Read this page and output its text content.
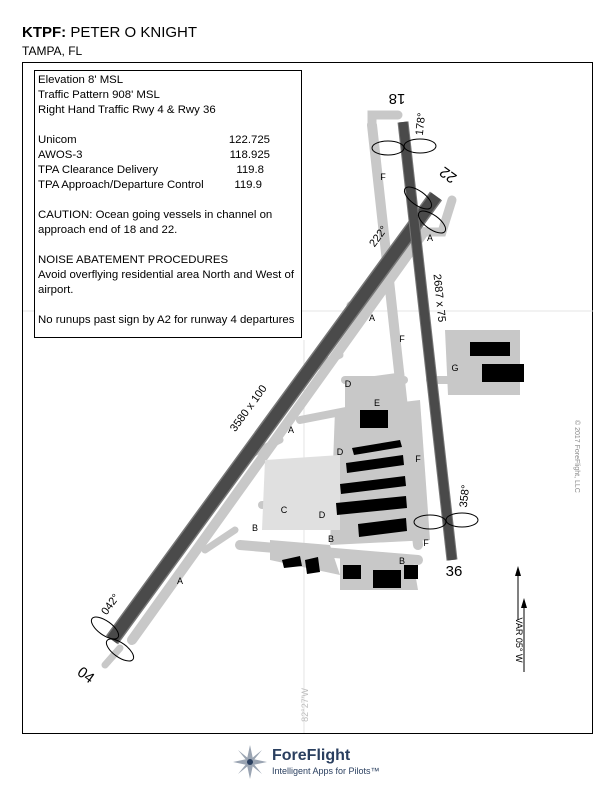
KTPF: PETER O KNIGHT
TAMPA, FL
18
22
36
04
178°
222°
358°
042°
3580 x 100
2687 x 75
A
A
A
A
B
B
B
C
D
D
D
E
F
F
F
F
G
VAR 05° W
82°27'W

Elevation 8' MSL

Traffic Pattern 908' MSL

Right Hand Traffic Rwy 4 & Rwy 36

Unicom	122.725
AWOS-3	118.925
TPA Clearance Delivery	119.8
TPA Approach/Departure Control	119.9

CAUTION: Ocean going vessels in channel on approach end of 18 and 22.

NOISE ABATEMENT PROCEDURES

Avoid overflying residential area North and West of airport.

No runups past sign by A2 for runway 4 departures

© 2017 ForeFlight, LLC
ForeFlight
Intelligent Apps for Pilots™
